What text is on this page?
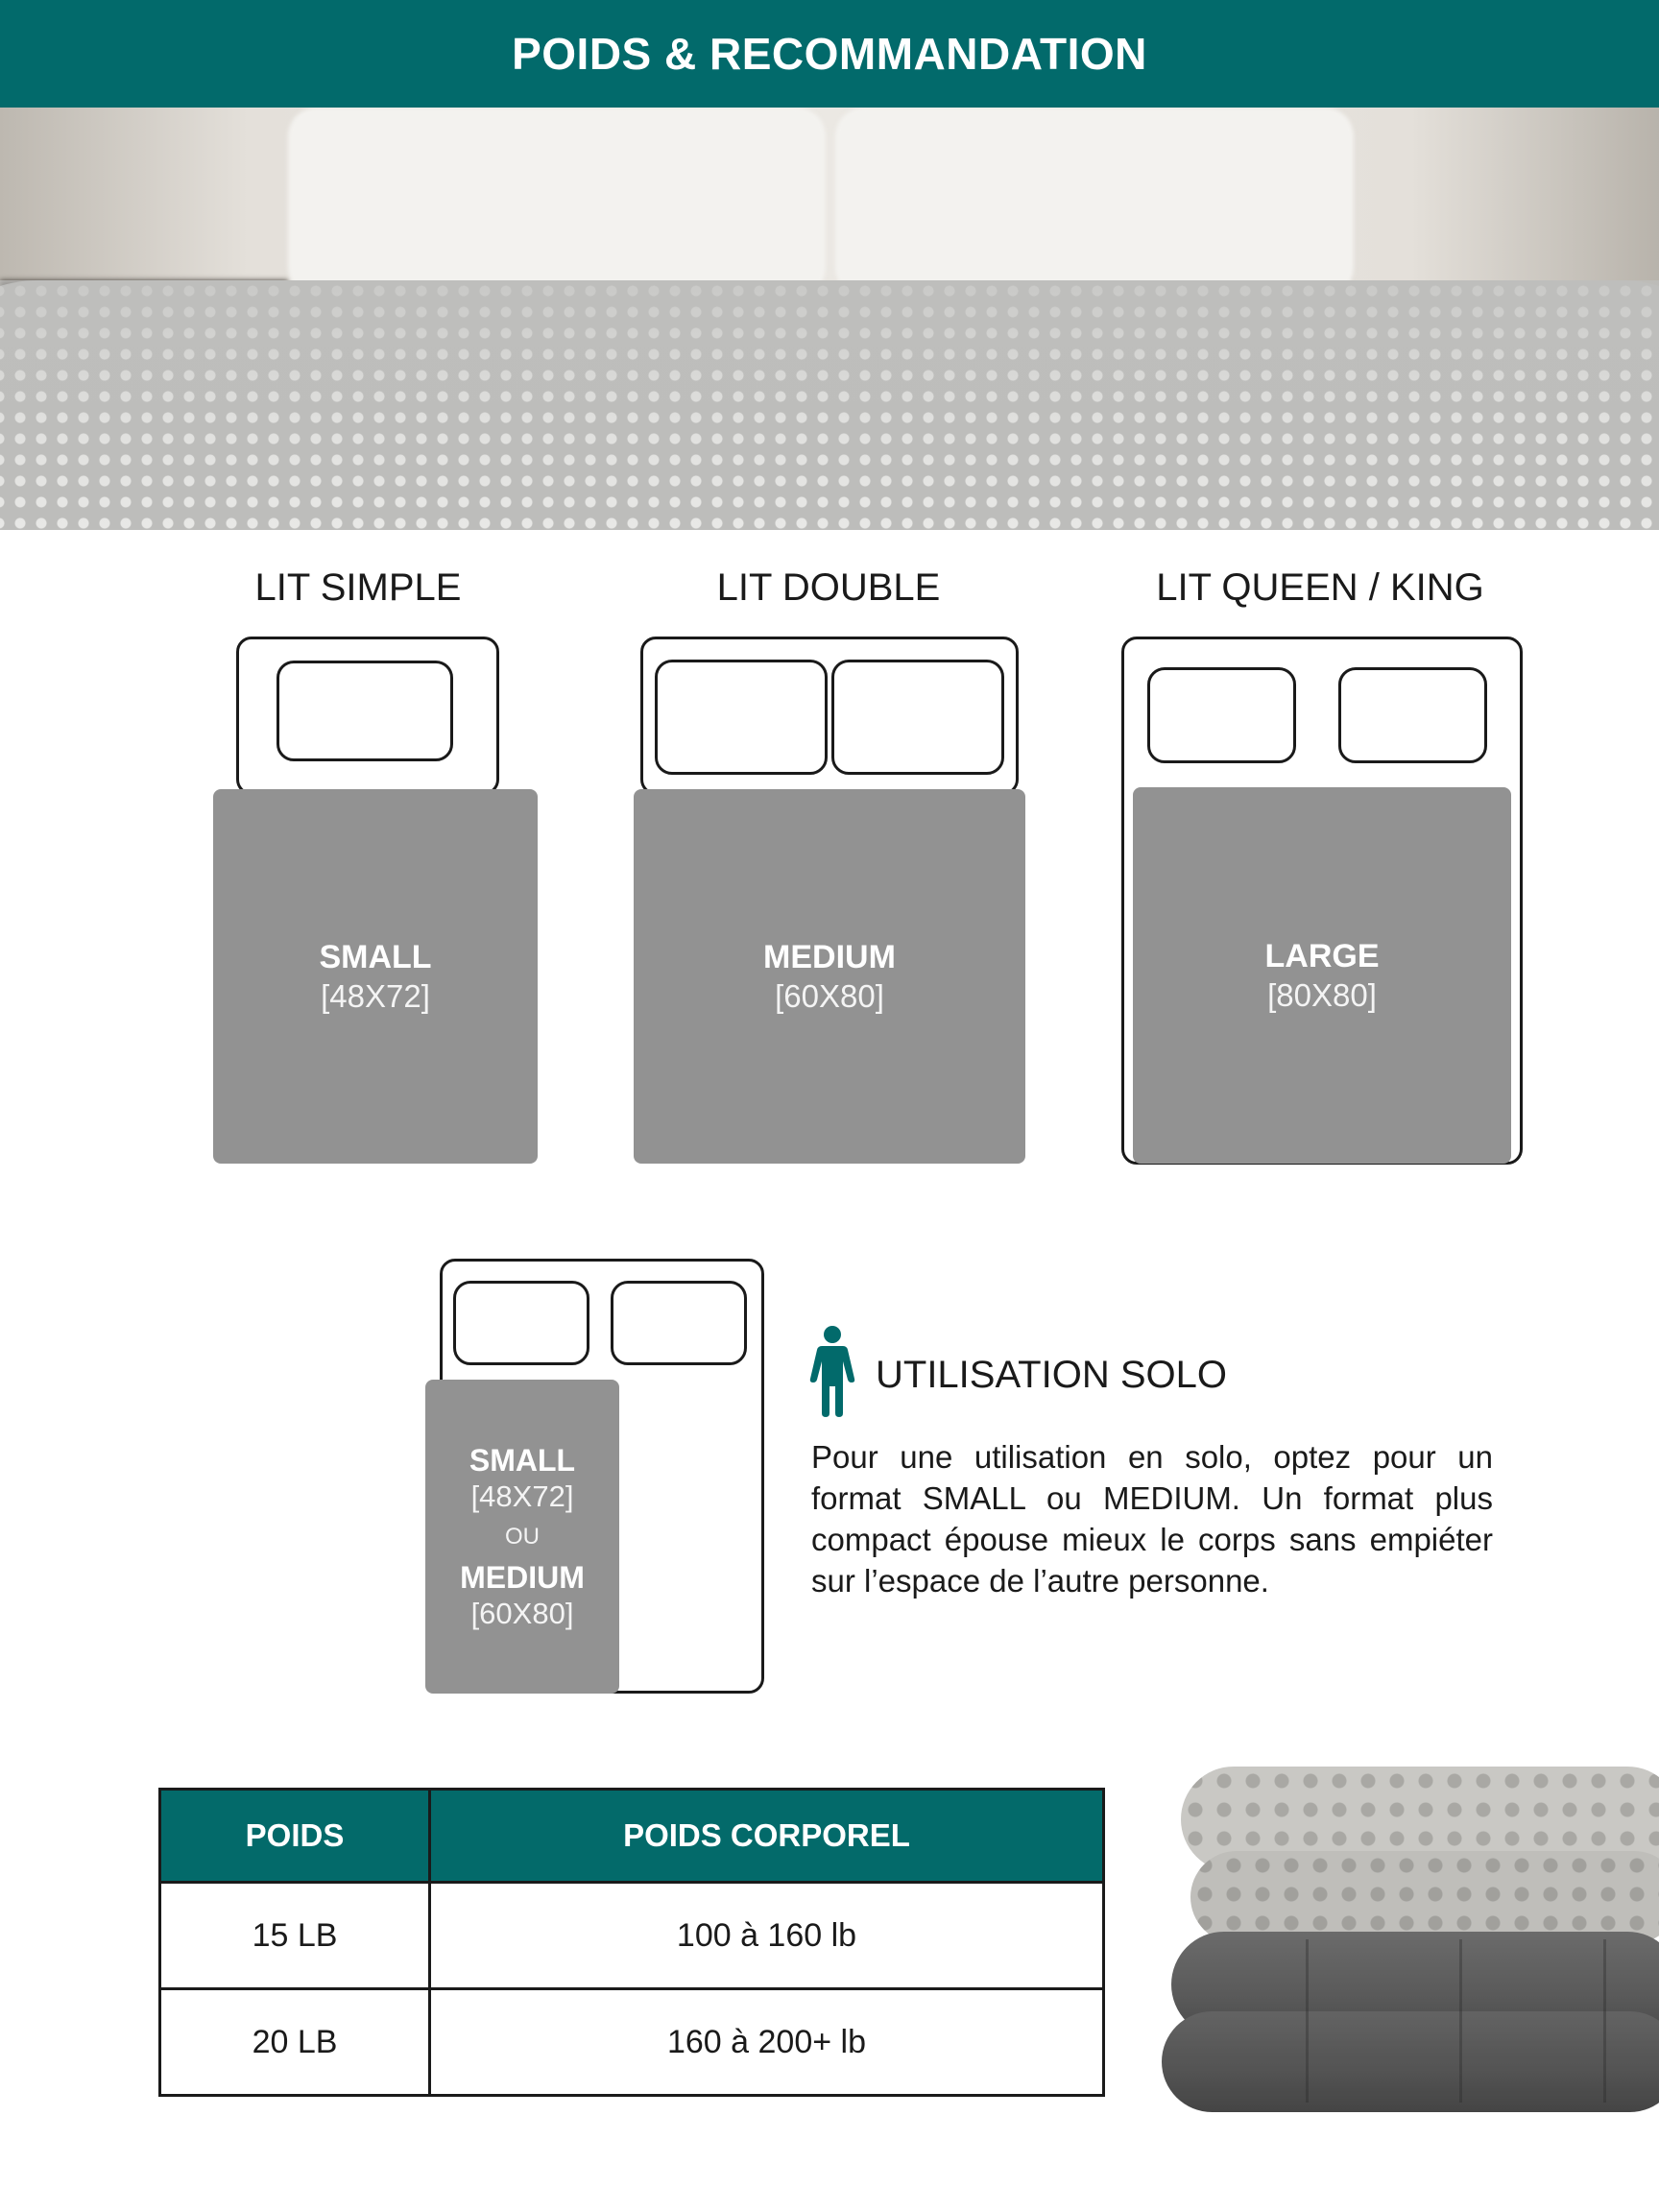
POIDS & RECOMMANDATION
LIT SIMPLE
SMALL
[48X72]
LIT DOUBLE
MEDIUM
[60X80]
LIT QUEEN / KING
LARGE
[80X80]
SMALL
[48X72]
OU
MEDIUM
[60X80]
UTILISATION SOLO
Pour une utilisation en solo, optez pour un format SMALL ou MEDIUM. Un format plus compact épouse mieux le corps sans empiéter sur l’espace de l’autre personne.
POIDS	POIDS CORPOREL
15 LB	100 à 160 lb
20 LB	160 à 200+ lb
